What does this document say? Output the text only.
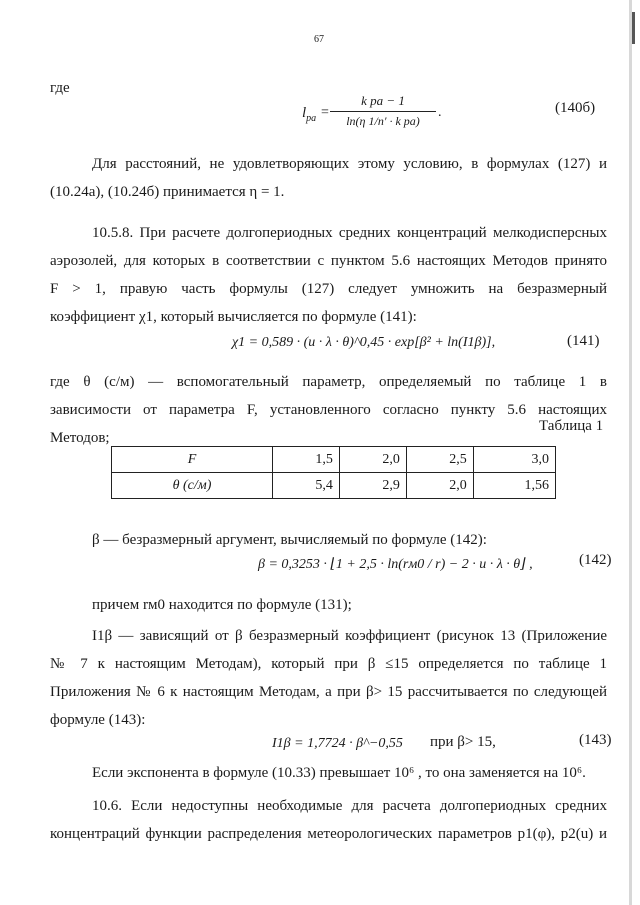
67
где
$l_{pa}$ =
k pa − 1
ln(η 1/n′ · k pa)
.	(140б)
Для расстояний, не удовлетворяющих этому условию, в формулах (127) и
(10.24а), (10.24б) принимается η = 1.
10.5.8. При расчете долгопериодных средних концентраций мелкодисперсных
аэрозолей, для которых в соответствии с пунктом 5.6 настоящих Методов принято
F > 1, правую часть формулы (127) следует умножить на безразмерный
коэффициент χ1, который вычисляется по формуле (141):
χ1 = 0,589 · (u · λ · θ)^0,45 · exp[β² + ln(I1β)],	(141)
где θ (с/м) — вспомогательный параметр, определяемый по таблице 1 в
зависимости от параметра F, установленного согласно пункту 5.6 настоящих
Методов;
Таблица 1
F	1,5	2,0	2,5	3,0
θ (с/м)	5,4	2,9	2,0	1,56
β — безразмерный аргумент, вычисляемый по формуле (142):
β = 0,3253 · ⌊1 + 2,5 · ln(rм0 / r) − 2 · u · λ · θ⌋ ,	(142)
причем rм0 находится по формуле (131);
I1β — зависящий от β безразмерный коэффициент (рисунок 13 (Приложение
№ 7 к настоящим Методам), который при β ≤15 определяется по таблице 1
Приложения № 6 к настоящим Методам, а при β> 15 рассчитывается по следующей
формуле (143):
I1β = 1,7724 · β^−0,55 при β> 15,	(143)
Если экспонента в формуле (10.33) превышает 10⁶ , то она заменяется на 10⁶.
10.6. Если недоступны необходимые для расчета долгопериодных средних
концентраций функции распределения метеорологических параметров p1(φ), p2(u) и
